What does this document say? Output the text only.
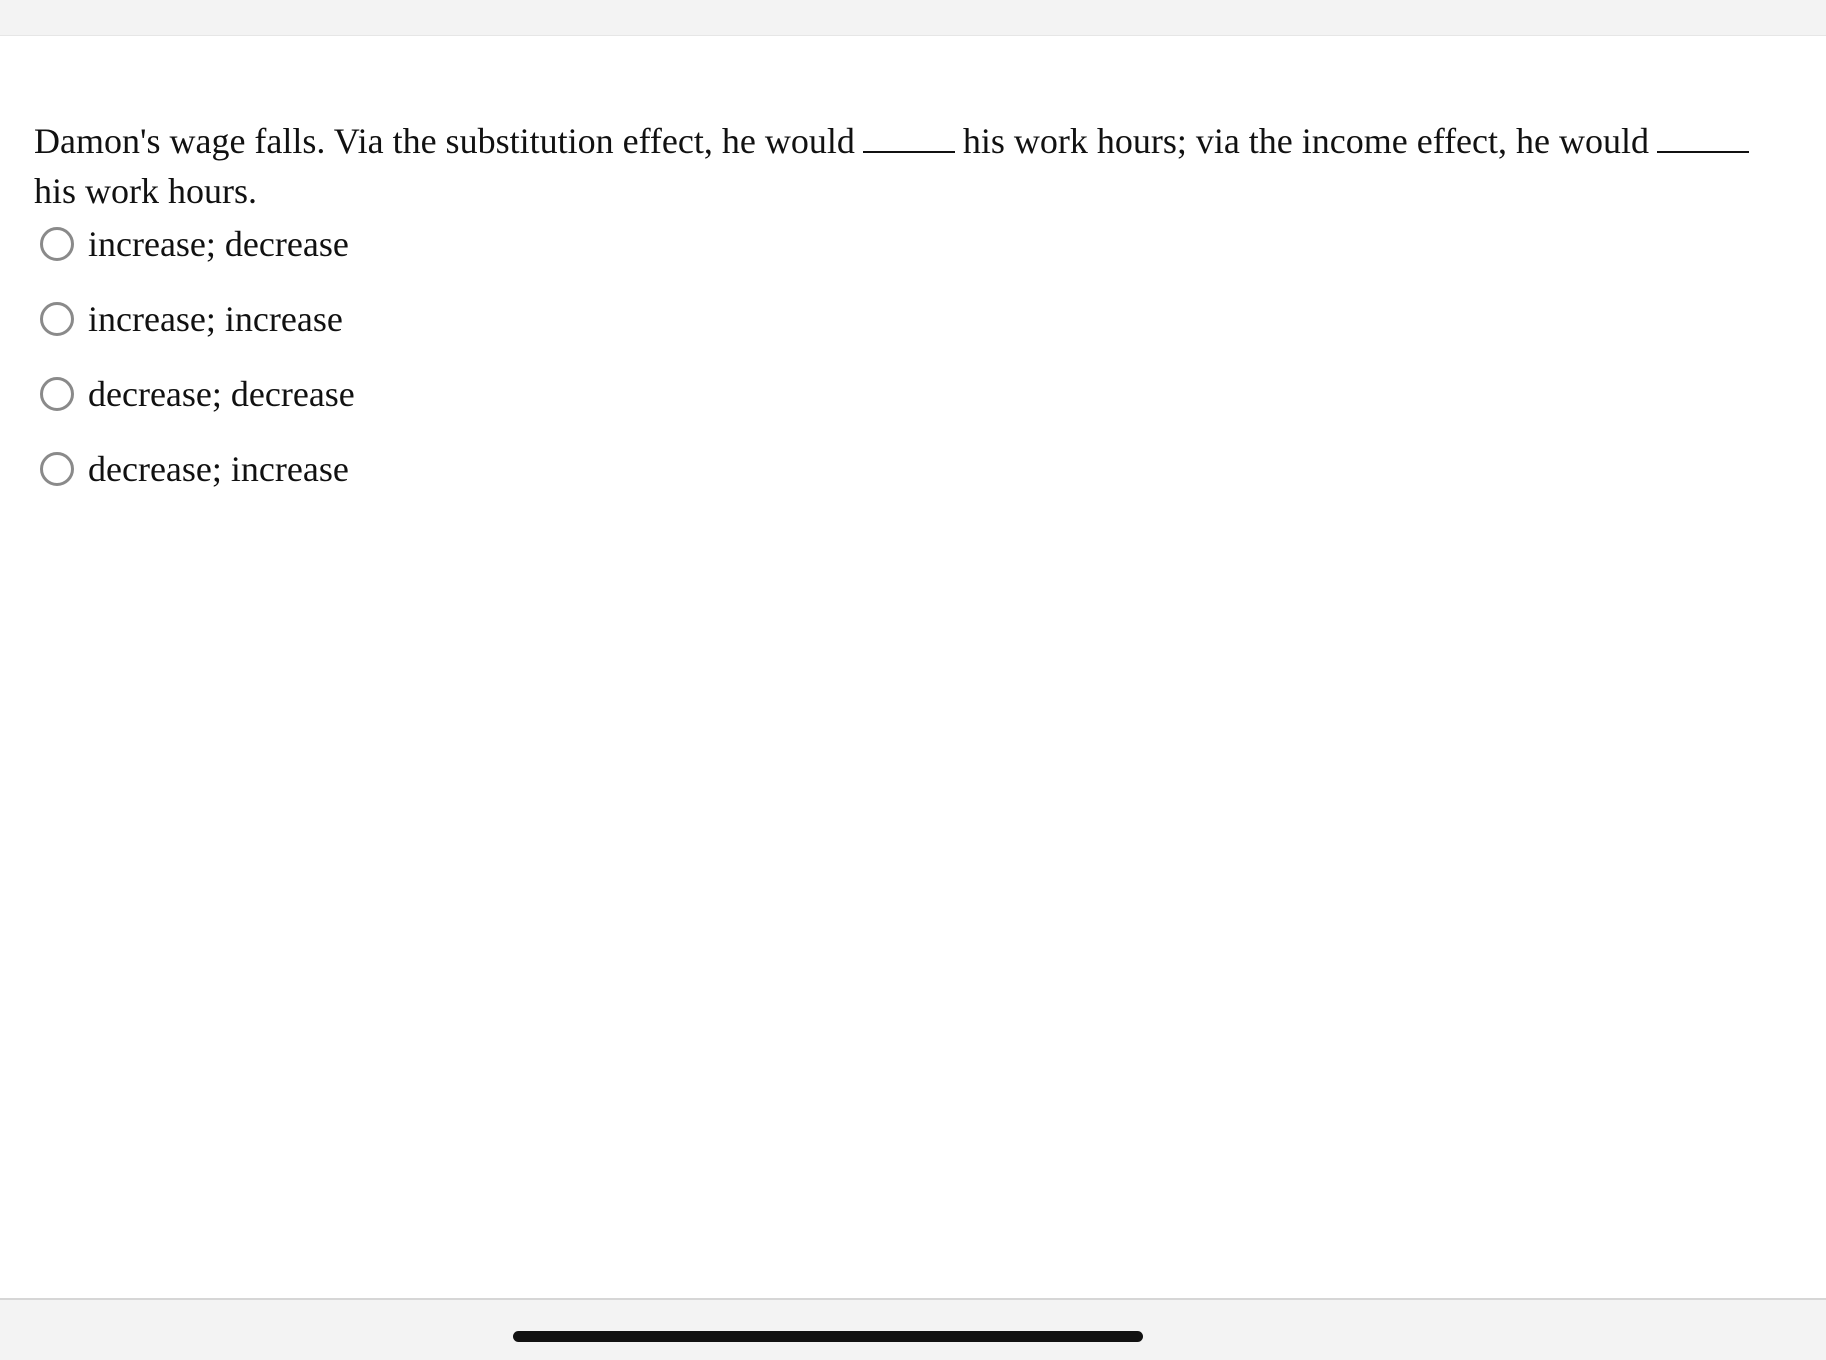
Damon's wage falls. Via the substitution effect, he would	his work hours; via the income effect, he would
his work hours.

increase; decrease
increase; increase
decrease; decrease
decrease; increase
